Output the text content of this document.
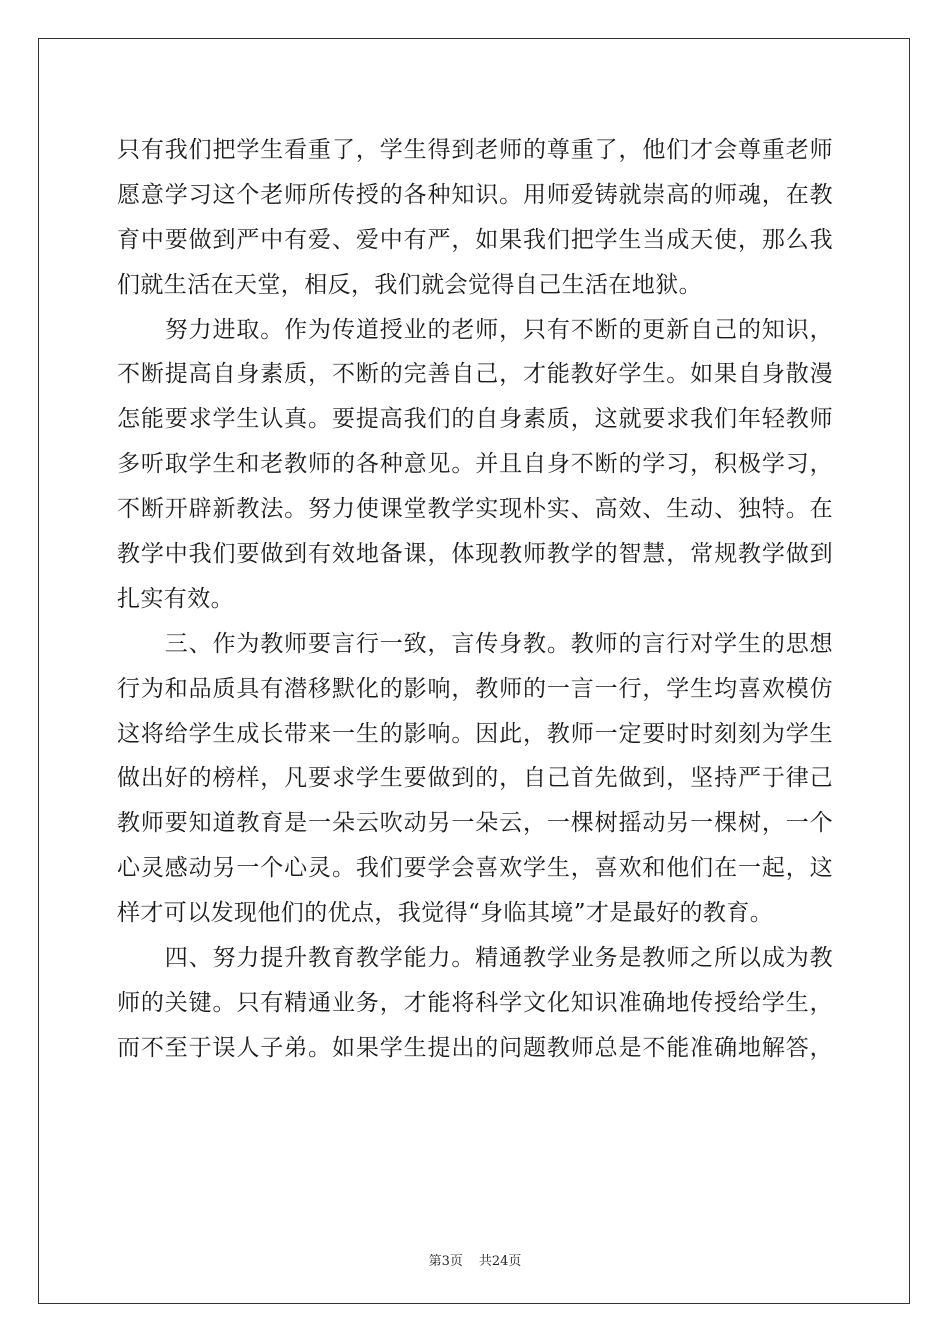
只有我们把学生看重了，学生得到老师的尊重了，他们才会尊重老师
愿意学习这个老师所传授的各种知识。用师爱铸就崇高的师魂，在教
育中要做到严中有爱、爱中有严，如果我们把学生当成天使，那么我
们就生活在天堂，相反，我们就会觉得自己生活在地狱。
　　努力进取。作为传道授业的老师，只有不断的更新自己的知识，
不断提高自身素质，不断的完善自己，才能教好学生。如果自身散漫
怎能要求学生认真。要提高我们的自身素质，这就要求我们年轻教师
多听取学生和老教师的各种意见。并且自身不断的学习，积极学习，
不断开辟新教法。努力使课堂教学实现朴实、高效、生动、独特。在
教学中我们要做到有效地备课，体现教师教学的智慧，常规教学做到
扎实有效。
　　三、作为教师要言行一致，言传身教。教师的言行对学生的思想
行为和品质具有潜移默化的影响，教师的一言一行，学生均喜欢模仿
这将给学生成长带来一生的影响。因此，教师一定要时时刻刻为学生
做出好的榜样，凡要求学生要做到的，自己首先做到，坚持严于律己
教师要知道教育是一朵云吹动另一朵云，一棵树摇动另一棵树，一个
心灵感动另一个心灵。我们要学会喜欢学生，喜欢和他们在一起，这
样才可以发现他们的优点，我觉得“身临其境”才是最好的教育。
　　四、努力提升教育教学能力。精通教学业务是教师之所以成为教
师的关键。只有精通业务，才能将科学文化知识准确地传授给学生，
而不至于误人子弟。如果学生提出的问题教师总是不能准确地解答，
第3页 共24页
